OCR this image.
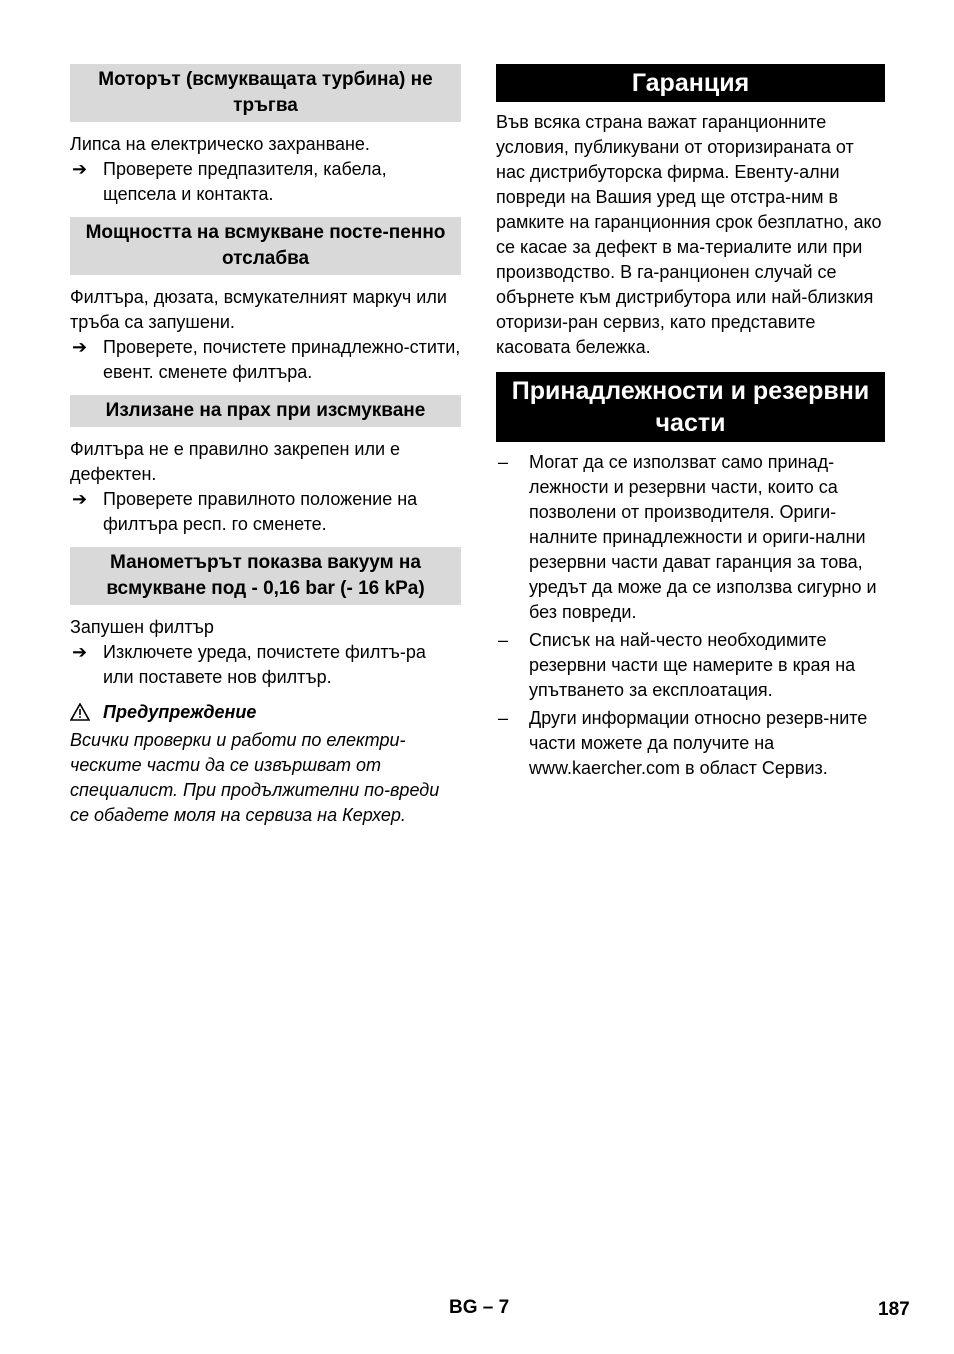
Моторът (всмукващата турбина) не тръгва

Липса на електрическо захранване.

➔ Проверете предпазителя, кабела, щепсела и контакта.
Мощността на всмукване посте-пенно отслабва

Филтъра, дюзата, всмукателният маркуч или тръба са запушени.

➔ Проверете, почистете принадлежно-стити, евент. сменете филтъра.
Излизане на прах при изсмукване

Филтъра не е правилно закрепен или е дефектен.

➔ Проверете правилното положение на филтъра респ. го сменете.
Манометърът показва вакуум на всмукване под - 0,16 bar (- 16 kPa)

Запушен филтър

➔ Изключете уреда, почистете филтъ-ра или поставете нов филтър.
Предупреждение

Всички проверки и работи по електри-ческите части да се извършват от специалист. При продължителни по-вреди се обадете моля на сервиза на Керхер.

Гаранция

Във всяка страна важат гаранционните условия, публикувани от оторизираната от нас дистрибуторска фирма. Евенту-ални повреди на Вашия уред ще отстра-ним в рамките на гаранционния срок безплатно, ако се касае за дефект в ма-териалите или при производство. В га-ранционен случай се обърнете към дистрибутора или най-близкия оторизи-ран сервиз, като представите касовата бележка.

Принадлежности и резервни части
– Могат да се използват само принад-лежности и резервни части, които са позволени от производителя. Ориги-налните принадлежности и ориги-нални резервни части дават гаранция за това, уредът да може да се използва сигурно и без повреди.
– Списък на най-често необходимите резервни части ще намерите в края на упътването за експлоатация.
– Други информации относно резерв-ните части можете да получите на www.kaercher.com в област Сервиз.
BG – 7	187
